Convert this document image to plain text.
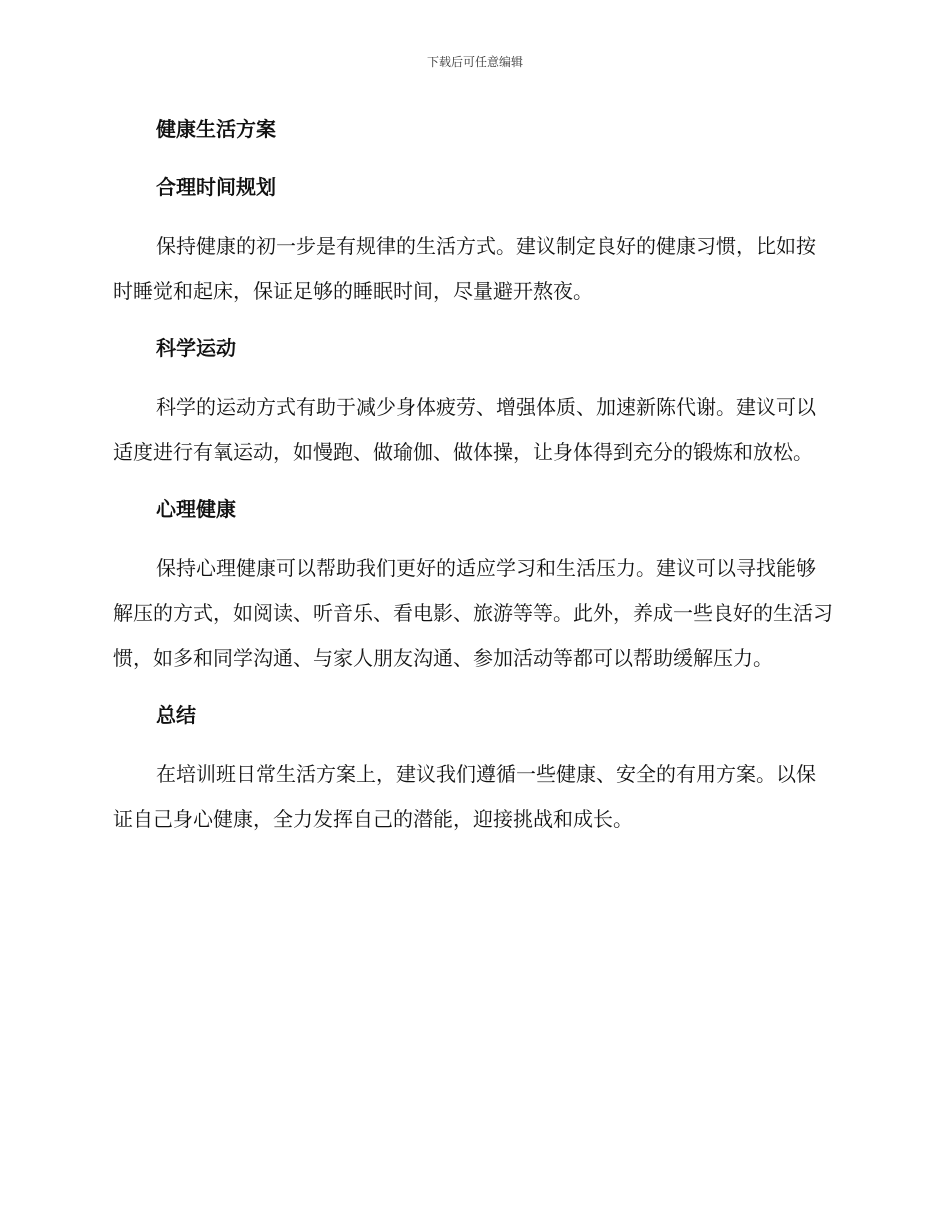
下载后可任意编辑
健康生活方案
合理时间规划

保持健康的初一步是有规律的生活方式。建议制定良好的健康习惯，比如按时睡觉和起床，保证足够的睡眠时间，尽量避开熬夜。

科学运动

科学的运动方式有助于减少身体疲劳、增强体质、加速新陈代谢。建议可以适度进行有氧运动，如慢跑、做瑜伽、做体操，让身体得到充分的锻炼和放松。

心理健康

保持心理健康可以帮助我们更好的适应学习和生活压力。建议可以寻找能够解压的方式，如阅读、听音乐、看电影、旅游等等。此外，养成一些良好的生活习惯，如多和同学沟通、与家人朋友沟通、参加活动等都可以帮助缓解压力。

总结

在培训班日常生活方案上，建议我们遵循一些健康、安全的有用方案。以保证自己身心健康，全力发挥自己的潜能，迎接挑战和成长。
